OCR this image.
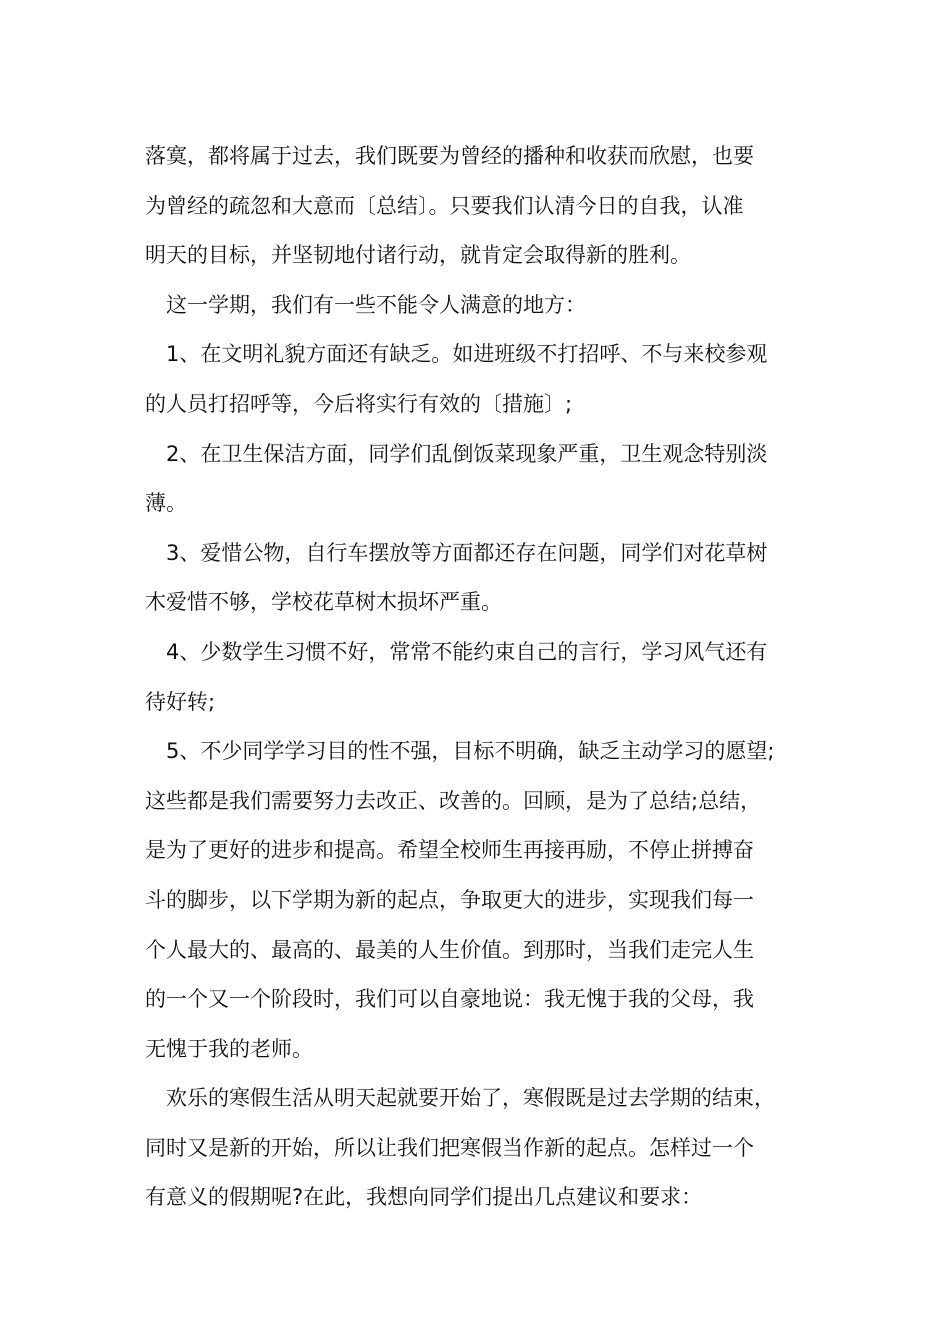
落寞，都将属于过去，我们既要为曾经的播种和收获而欣慰，也要
为曾经的疏忽和大意而〔总结〕。只要我们认清今日的自我，认准
明天的目标，并坚韧地付诸行动，就肯定会取得新的胜利。
这一学期，我们有一些不能令人满意的地方：
1、在文明礼貌方面还有缺乏。如进班级不打招呼、不与来校参观
的人员打招呼等，今后将实行有效的〔措施〕;
2、在卫生保洁方面，同学们乱倒饭菜现象严重，卫生观念特别淡
薄。
3、爱惜公物，自行车摆放等方面都还存在问题，同学们对花草树
木爱惜不够，学校花草树木损坏严重。
4、少数学生习惯不好，常常不能约束自己的言行，学习风气还有
待好转;
5、不少同学学习目的性不强，目标不明确，缺乏主动学习的愿望;
这些都是我们需要努力去改正、改善的。回顾，是为了总结;总结，
是为了更好的进步和提高。希望全校师生再接再励，不停止拼搏奋
斗的脚步，以下学期为新的起点，争取更大的进步，实现我们每一
个人最大的、最高的、最美的人生价值。到那时，当我们走完人生
的一个又一个阶段时，我们可以自豪地说：我无愧于我的父母，我
无愧于我的老师。
欢乐的寒假生活从明天起就要开始了，寒假既是过去学期的结束，
同时又是新的开始，所以让我们把寒假当作新的起点。怎样过一个
有意义的假期呢?在此，我想向同学们提出几点建议和要求：
